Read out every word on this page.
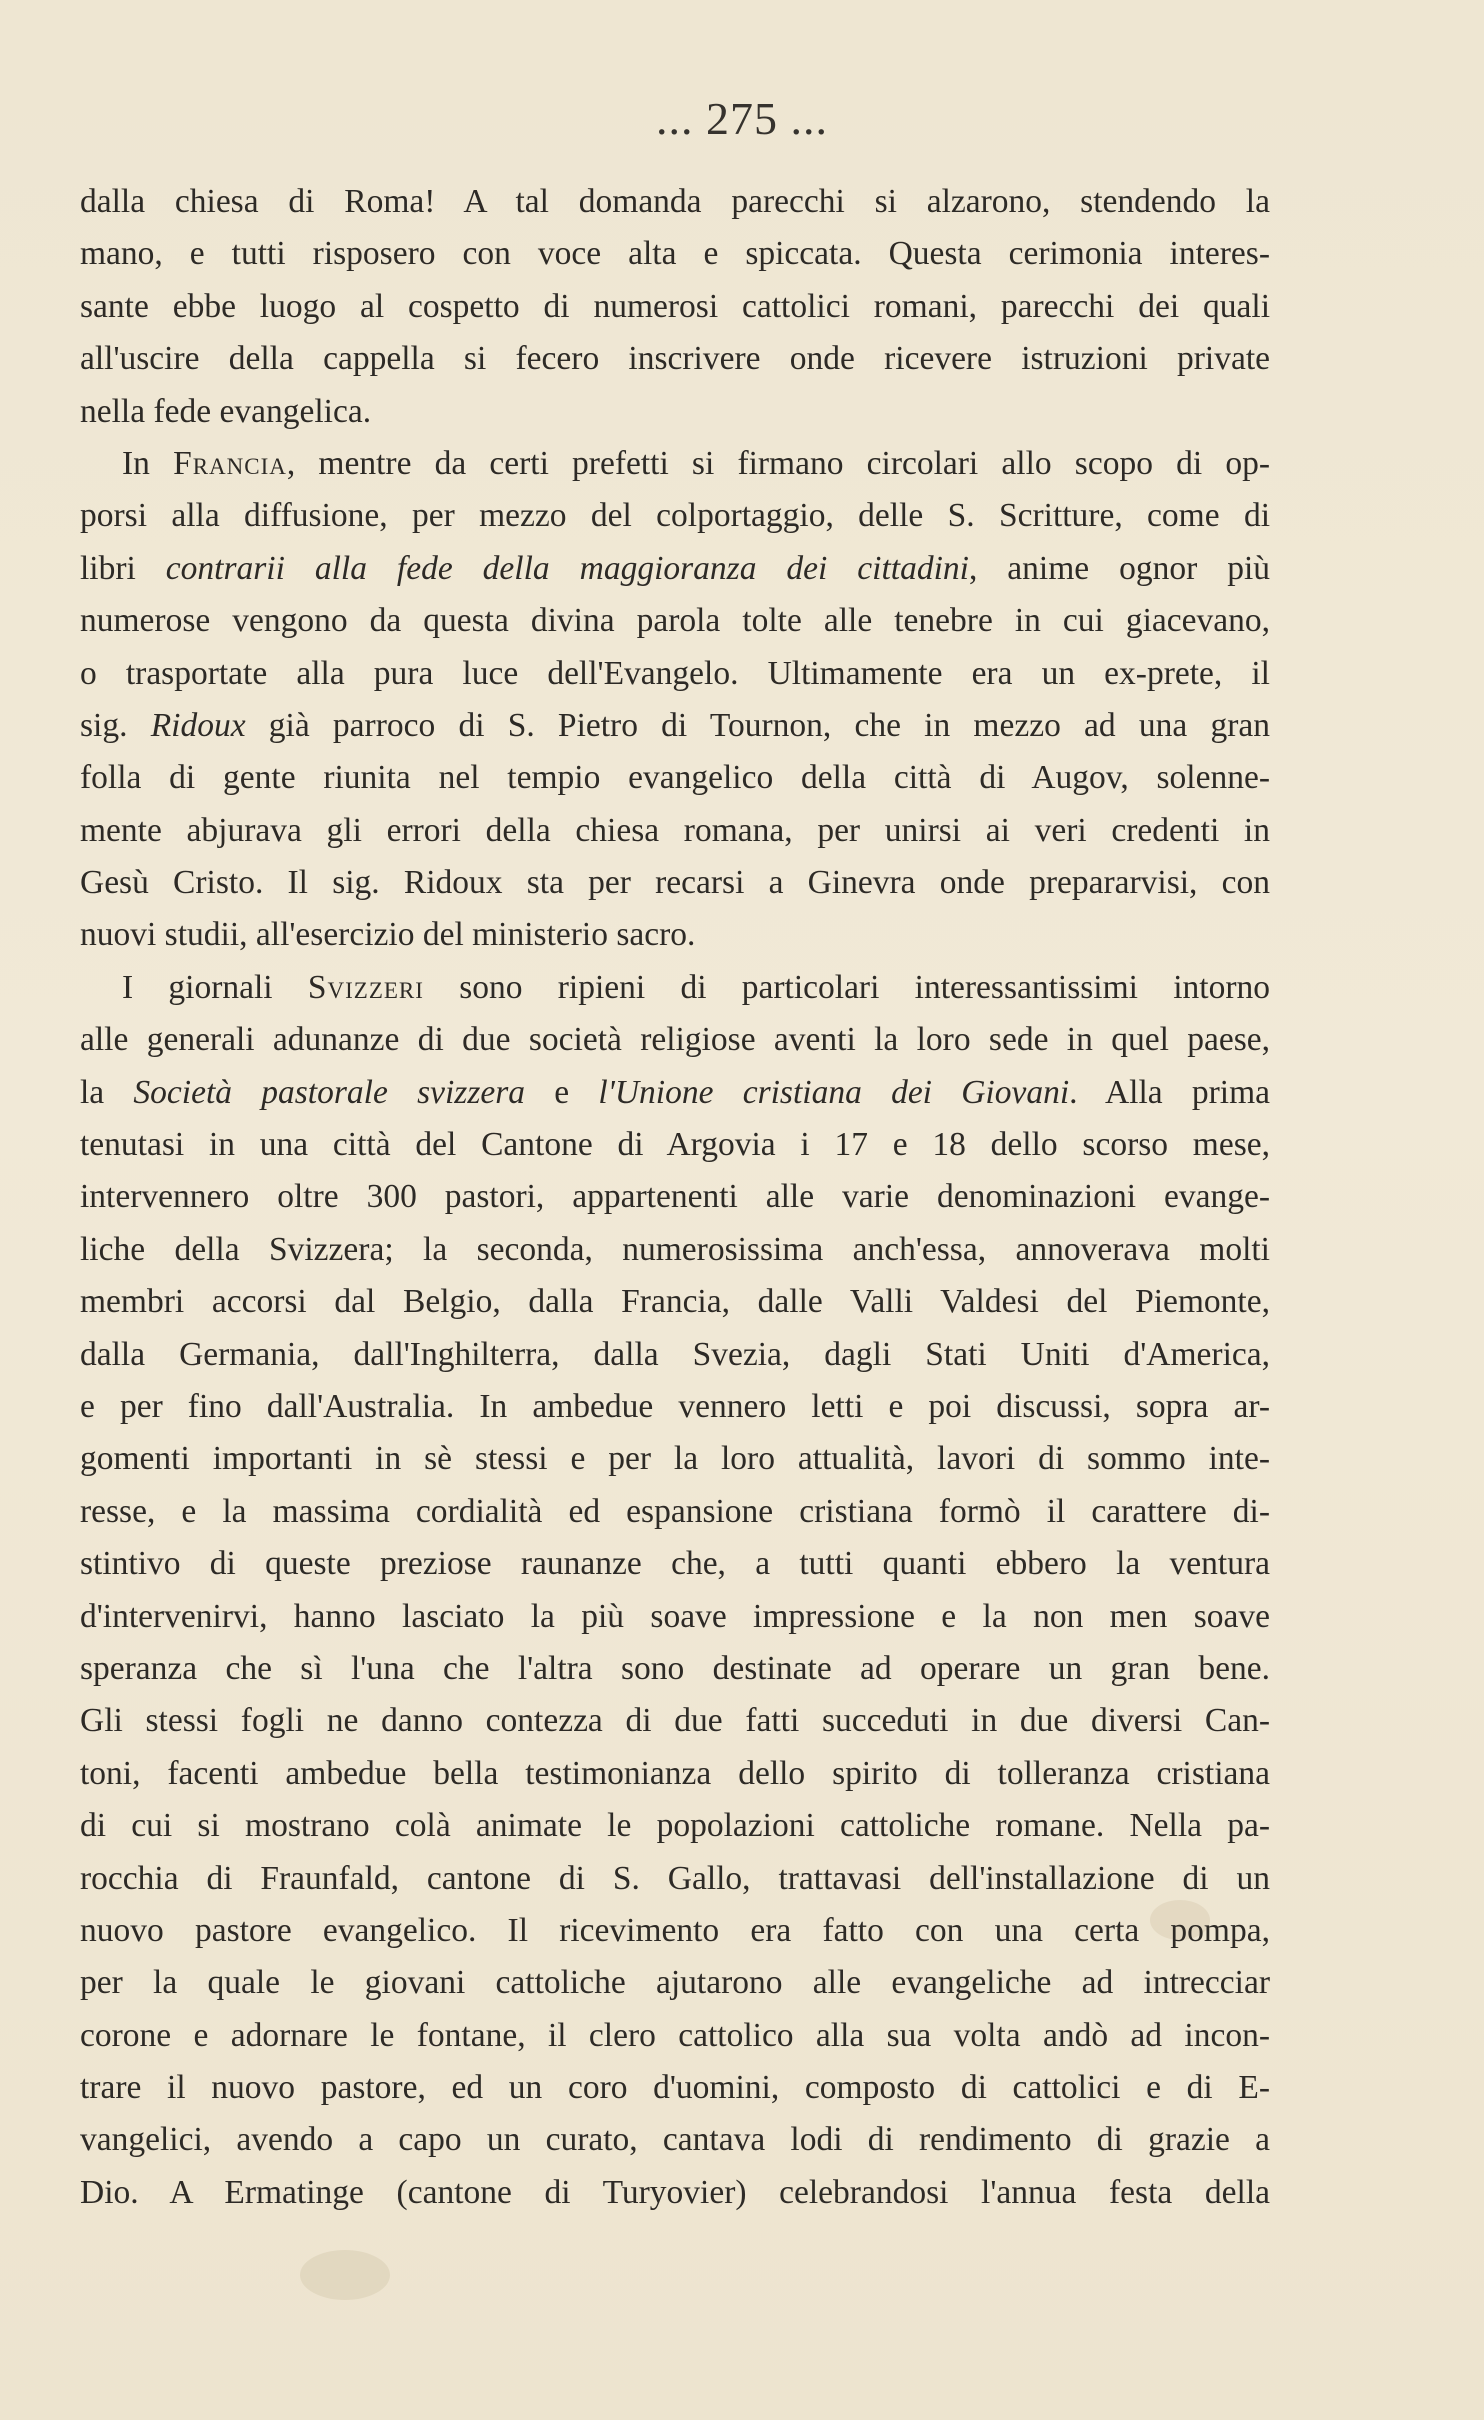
... 275 ...
dalla chiesa di Roma! A tal domanda parecchi si alzarono, stendendo la
mano, e tutti risposero con voce alta e spiccata. Questa cerimonia interes-
sante ebbe luogo al cospetto di numerosi cattolici romani, parecchi dei quali
all'uscire della cappella si fecero inscrivere onde ricevere istruzioni private
nella fede evangelica.
In Francia, mentre da certi prefetti si firmano circolari allo scopo di op-
porsi alla diffusione, per mezzo del colportaggio, delle S. Scritture, come di
libri contrarii alla fede della maggioranza dei cittadini, anime ognor più
numerose vengono da questa divina parola tolte alle tenebre in cui giacevano,
o trasportate alla pura luce dell'Evangelo. Ultimamente era un ex-prete, il
sig. Ridoux già parroco di S. Pietro di Tournon, che in mezzo ad una gran
folla di gente riunita nel tempio evangelico della città di Augov, solenne-
mente abjurava gli errori della chiesa romana, per unirsi ai veri credenti in
Gesù Cristo. Il sig. Ridoux sta per recarsi a Ginevra onde prepararvisi, con
nuovi studii, all'esercizio del ministerio sacro.
I giornali Svizzeri sono ripieni di particolari interessantissimi intorno
alle generali adunanze di due società religiose aventi la loro sede in quel paese,
la Società pastorale svizzera e l'Unione cristiana dei Giovani. Alla prima
tenutasi in una città del Cantone di Argovia i 17 e 18 dello scorso mese,
intervennero oltre 300 pastori, appartenenti alle varie denominazioni evange-
liche della Svizzera; la seconda, numerosissima anch'essa, annoverava molti
membri accorsi dal Belgio, dalla Francia, dalle Valli Valdesi del Piemonte,
dalla Germania, dall'Inghilterra, dalla Svezia, dagli Stati Uniti d'America,
e per fino dall'Australia. In ambedue vennero letti e poi discussi, sopra ar-
gomenti importanti in sè stessi e per la loro attualità, lavori di sommo inte-
resse, e la massima cordialità ed espansione cristiana formò il carattere di-
stintivo di queste preziose raunanze che, a tutti quanti ebbero la ventura
d'intervenirvi, hanno lasciato la più soave impressione e la non men soave
speranza che sì l'una che l'altra sono destinate ad operare un gran bene.
Gli stessi fogli ne danno contezza di due fatti succeduti in due diversi Can-
toni, facenti ambedue bella testimonianza dello spirito di tolleranza cristiana
di cui si mostrano colà animate le popolazioni cattoliche romane. Nella pa-
rocchia di Fraunfald, cantone di S. Gallo, trattavasi dell'installazione di un
nuovo pastore evangelico. Il ricevimento era fatto con una certa pompa,
per la quale le giovani cattoliche ajutarono alle evangeliche ad intrecciar
corone e adornare le fontane, il clero cattolico alla sua volta andò ad incon-
trare il nuovo pastore, ed un coro d'uomini, composto di cattolici e di E-
vangelici, avendo a capo un curato, cantava lodi di rendimento di grazie a
Dio. A Ermatinge (cantone di Turyovier) celebrandosi l'annua festa della
